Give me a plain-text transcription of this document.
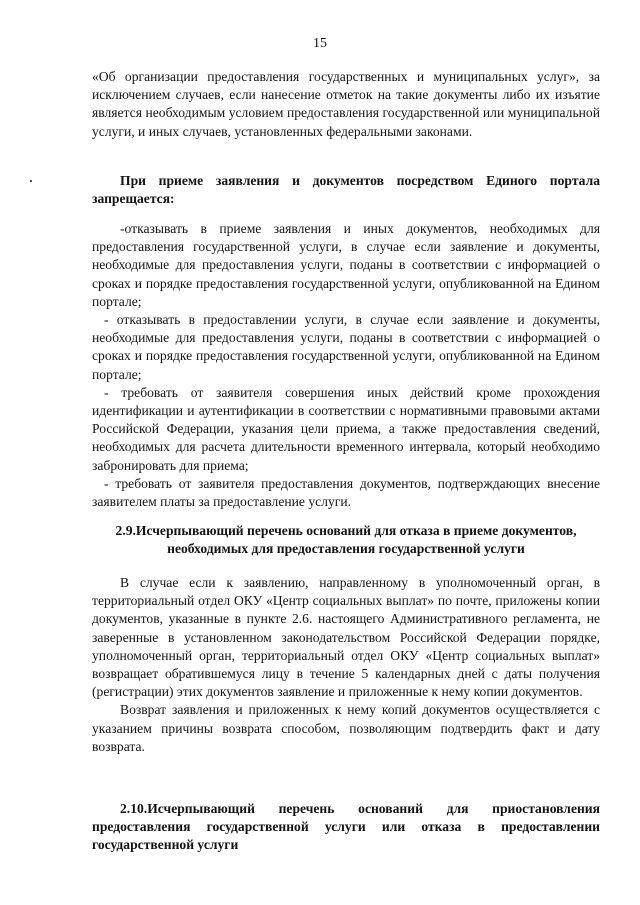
15

«Об организации предоставления государственных и муниципальных услуг», за исключением случаев, если нанесение отметок на такие документы либо их изъятие является необходимым условием предоставления государственной или муниципальной услуги, и иных случаев, установленных федеральными законами.

При приеме заявления и документов посредством Единого портала запрещается:

-отказывать в приеме заявления и иных документов, необходимых для предоставления государственной услуги, в случае если заявление и документы, необходимые для предоставления услуги, поданы в соответствии с информацией о сроках и порядке предоставления государственной услуги, опубликованной на Едином портале;

- отказывать в предоставлении услуги, в случае если заявление и документы, необходимые для предоставления услуги, поданы в соответствии с информацией о сроках и порядке предоставления государственной услуги, опубликованной на Едином портале;

- требовать от заявителя совершения иных действий кроме прохождения идентификации и аутентификации в соответствии с нормативными правовыми актами Российской Федерации, указания цели приема, а также предоставления сведений, необходимых для расчета длительности временного интервала, который необходимо забронировать для приема;

- требовать от заявителя предоставления документов, подтверждающих внесение заявителем платы за предоставление услуги.

2.9.Исчерпывающий перечень оснований для отказа в приеме документов, необходимых для предоставления государственной услуги

В случае если к заявлению, направленному в уполномоченный орган, в территориальный отдел ОКУ «Центр социальных выплат» по почте, приложены копии документов, указанные в пункте 2.6. настоящего Административного регламента, не заверенные в установленном законодательством Российской Федерации порядке, уполномоченный орган, территориальный отдел ОКУ «Центр социальных выплат» возвращает обратившемуся лицу в течение 5 календарных дней с даты получения (регистрации) этих документов заявление и приложенные к нему копии документов.

Возврат заявления и приложенных к нему копий документов осуществляется с указанием причины возврата способом, позволяющим подтвердить факт и дату возврата.

2.10.Исчерпывающий перечень оснований для приостановления предоставления государственной услуги или отказа в предоставлении государственной услуги
